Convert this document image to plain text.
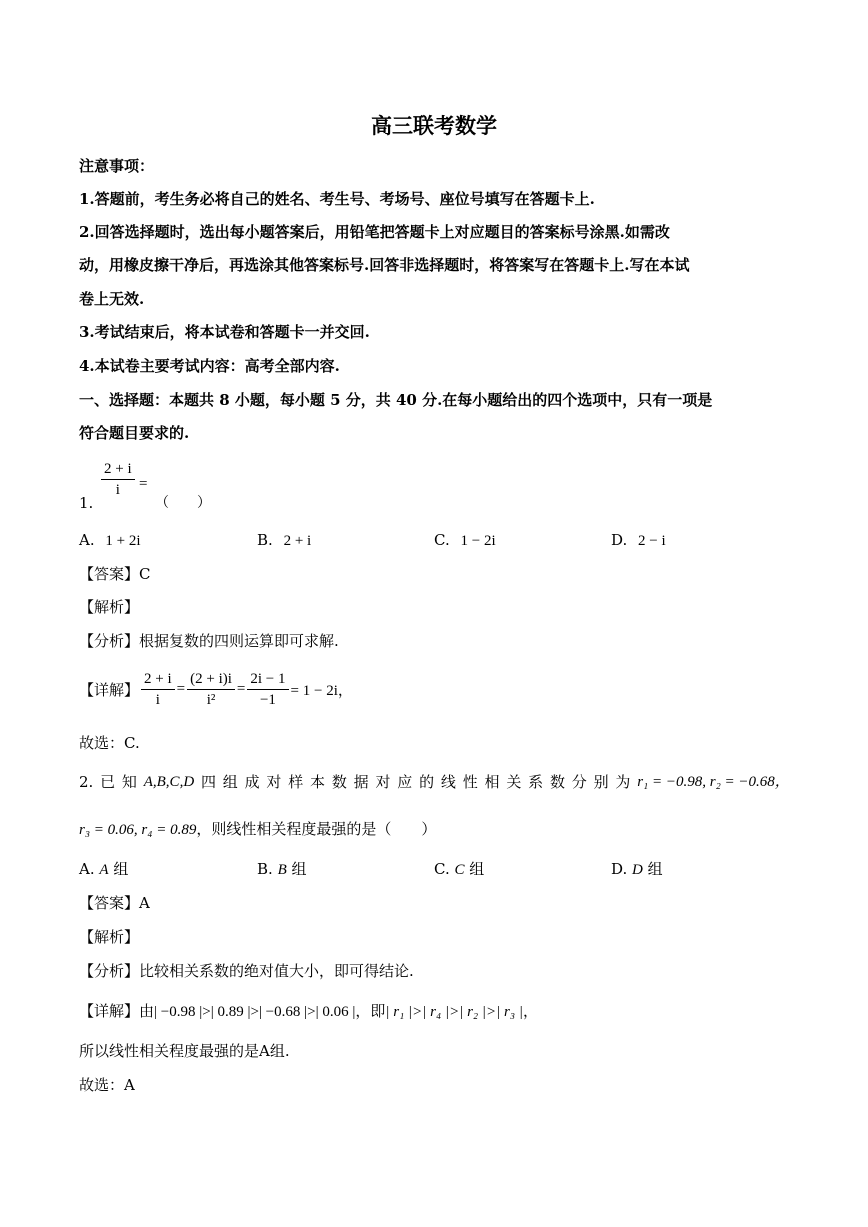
高三联考数学
注意事项：
1.答题前，考生务必将自己的姓名、考生号、考场号、座位号填写在答题卡上.
2.回答选择题时，选出每小题答案后，用铅笔把答题卡上对应题目的答案标号涂黑.如需改
动，用橡皮擦干净后，再选涂其他答案标号.回答非选择题时，将答案写在答题卡上.写在本试
卷上无效.
3.考试结束后，将本试卷和答题卡一并交回.
4.本试卷主要考试内容：高考全部内容.
一、选择题：本题共 8 小题，每小题 5 分，共 40 分.在每小题给出的四个选项中，只有一项是
符合题目要求的.
1.
$\frac{2 + i}{i}$ =
（　　）
A. 1 + 2i	B. 2 + i	C. 1 − 2i	D. 2 − i
【答案】C
【解析】
【分析】根据复数的四则运算即可求解.
【详解】 $\frac{2 + i}{i} = \frac{(2 + i)i}{\text{i²}} = \frac{2i - 1}{-1} = 1 - 2i$，
故选：C.
2. 已 知 A,B,C,D 四 组 成 对 样 本 数 据 对 应 的 线 性 相 关 系 数 分 别 为 r₁ = −0.98, r₂ = −0.68，
r₃ = 0.06, r₄ = 0.89，则线性相关程度最强的是（　　）
A. A 组	B. B 组	C. C 组	D. D 组
【答案】A
【解析】
【分析】比较相关系数的绝对值大小，即可得结论.
【详解】由| −0.98 |>| 0.89 |>| −0.68 |>| 0.06 |，即| r₁ |>| r₄ |>| r₂ |>| r₃ |，
所以线性相关程度最强的是A组.
故选：A
